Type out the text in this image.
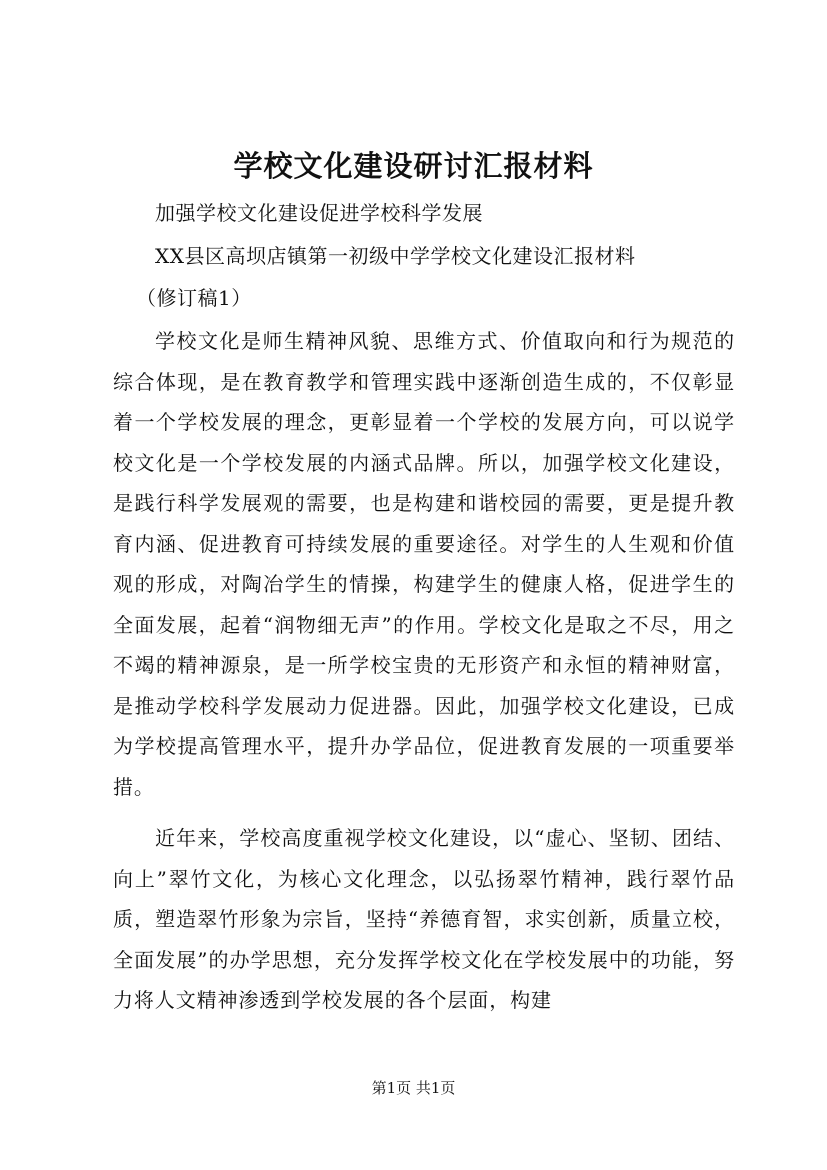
学校文化建设研讨汇报材料
加强学校文化建设促进学校科学发展
XX县区高坝店镇第一初级中学学校文化建设汇报材料
（修订稿1）

学校文化是师生精神风貌、思维方式、价值取向和行为规范的综合体现，是在教育教学和管理实践中逐渐创造生成的，不仅彰显着一个学校发展的理念，更彰显着一个学校的发展方向，可以说学校文化是一个学校发展的内涵式品牌。所以，加强学校文化建设，是践行科学发展观的需要，也是构建和谐校园的需要，更是提升教育内涵、促进教育可持续发展的重要途径。对学生的人生观和价值观的形成，对陶冶学生的情操，构建学生的健康人格，促进学生的全面发展，起着“润物细无声”的作用。学校文化是取之不尽，用之不竭的精神源泉，是一所学校宝贵的无形资产和永恒的精神财富，是推动学校科学发展动力促进器。因此，加强学校文化建设，已成为学校提高管理水平，提升办学品位，促进教育发展的一项重要举措。

近年来，学校高度重视学校文化建设，以“虚心、坚韧、团结、向上”翠竹文化，为核心文化理念，以弘扬翠竹精神，践行翠竹品质，塑造翠竹形象为宗旨，坚持“养德育智，求实创新，质量立校，全面发展”的办学思想，充分发挥学校文化在学校发展中的功能，努力将人文精神渗透到学校发展的各个层面，构建

第1页 共1页
